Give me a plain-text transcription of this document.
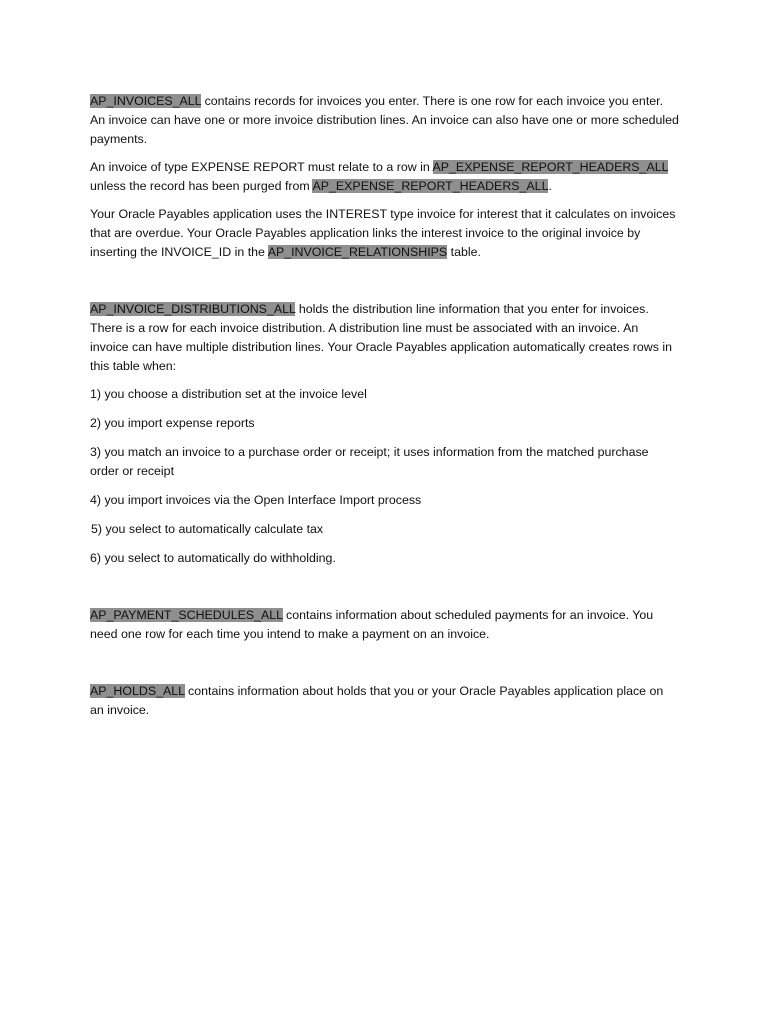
AP_INVOICES_ALL contains records for invoices you enter. There is one row for each invoice you enter. An invoice can have one or more invoice distribution lines. An invoice can also have one or more scheduled payments.

An invoice of type EXPENSE REPORT must relate to a row in AP_EXPENSE_REPORT_HEADERS_ALL unless the record has been purged from AP_EXPENSE_REPORT_HEADERS_ALL.

Your Oracle Payables application uses the INTEREST type invoice for interest that it calculates on invoices that are overdue. Your Oracle Payables application links the interest invoice to the original invoice by inserting the INVOICE_ID in the AP_INVOICE_RELATIONSHIPS table.

AP_INVOICE_DISTRIBUTIONS_ALL holds the distribution line information that you enter for invoices. There is a row for each invoice distribution. A distribution line must be associated with an invoice. An invoice can have multiple distribution lines. Your Oracle Payables application automatically creates rows in this table when:

1) you choose a distribution set at the invoice level

2) you import expense reports

3) you match an invoice to a purchase order or receipt; it uses information from the matched purchase order or receipt

4) you import invoices via the Open Interface Import process

5) you select to automatically calculate tax

6) you select to automatically do withholding.

AP_PAYMENT_SCHEDULES_ALL contains information about scheduled payments for an invoice. You need one row for each time you intend to make a payment on an invoice.

AP_HOLDS_ALL contains information about holds that you or your Oracle Payables application place on an invoice.
